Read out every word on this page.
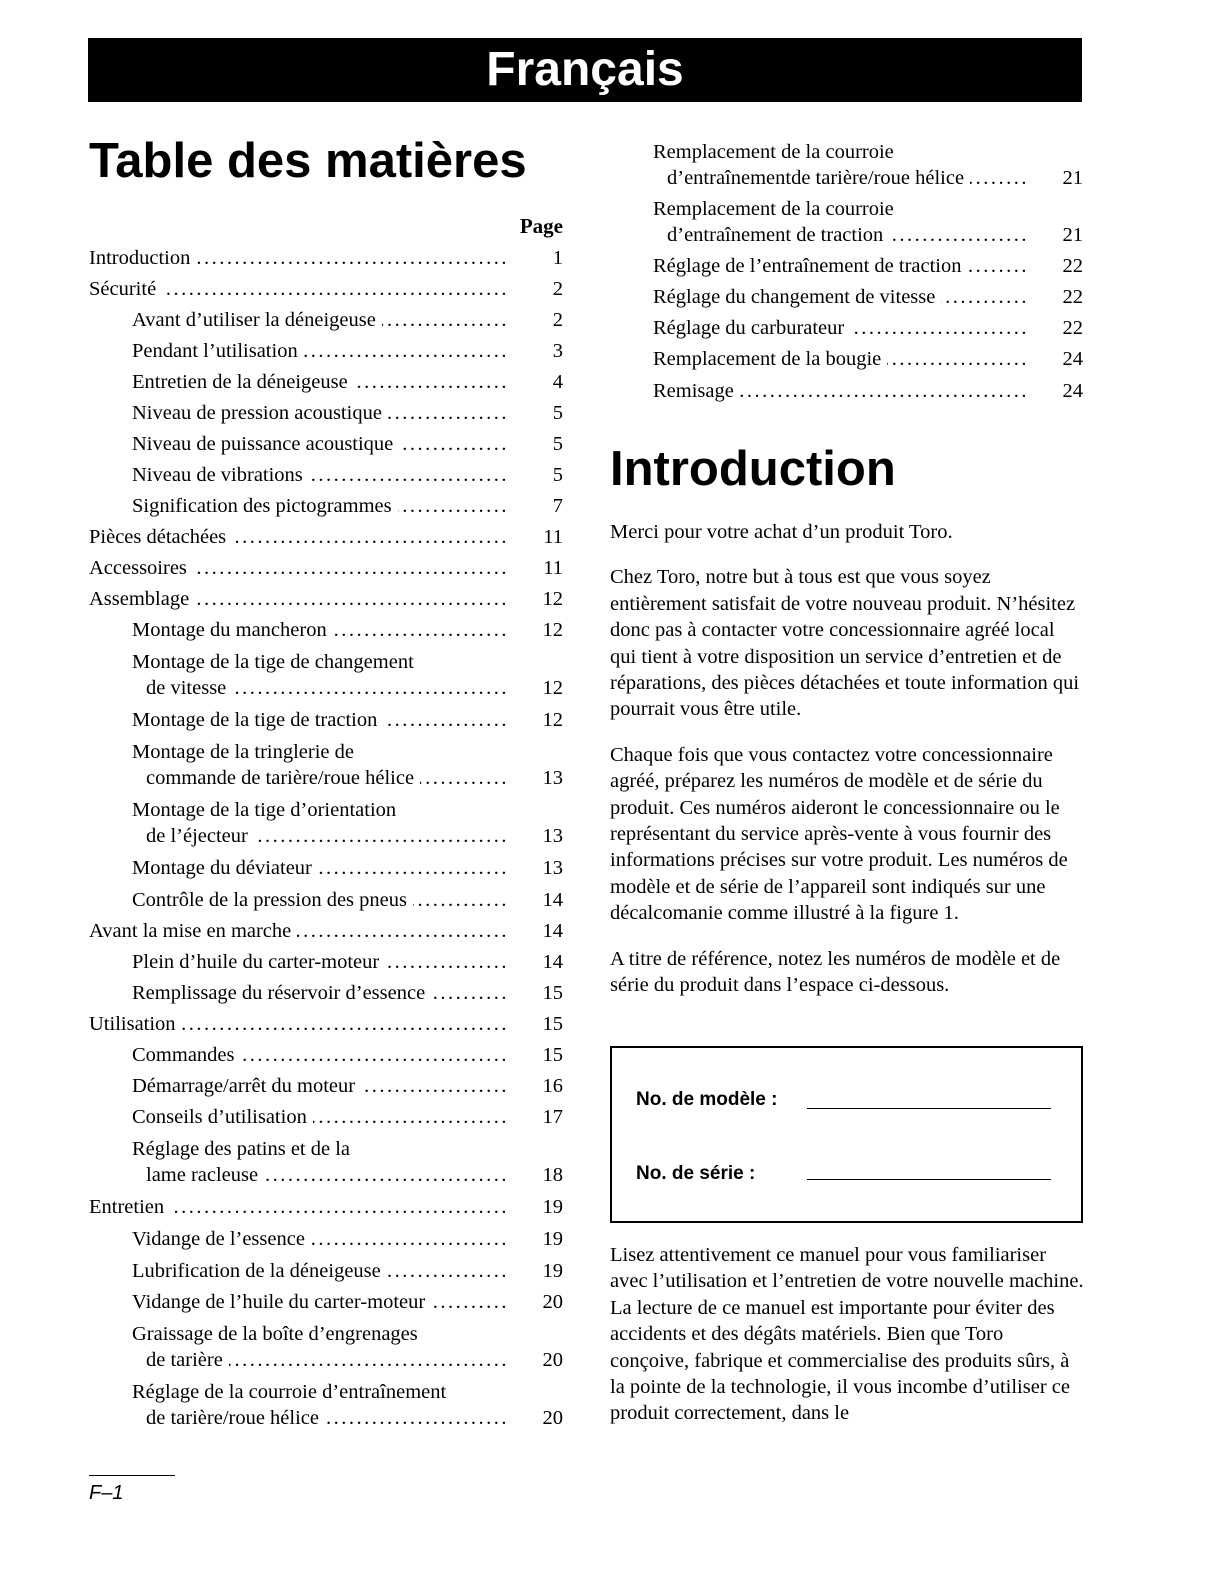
Français
Table des matières
Page
Introduction .....	1
Sécurité .....	2
Avant d’utiliser la déneigeuse .....	2
Pendant l’utilisation .....	3
Entretien de la déneigeuse .....	4
Niveau de pression acoustique .....	5
Niveau de puissance acoustique .....	5
Niveau de vibrations .....	5
Signification des pictogrammes .....	7
Pièces détachées .....	11
Accessoires .....	11
Assemblage .....	12
Montage du mancheron .....	12
Montage de la tige de changement
de vitesse .....	12
Montage de la tige de traction .....	12
Montage de la tringlerie de
commande de tarière/roue hélice .....	13
Montage de la tige d’orientation
de l’éjecteur .....	13
Montage du déviateur .....	13
Contrôle de la pression des pneus .....	14
Avant la mise en marche .....	14
Plein d’huile du carter-moteur .....	14
Remplissage du réservoir d’essence .....	15
Utilisation .....	15
Commandes .....	15
Démarrage/arrêt du moteur .....	16
Conseils d’utilisation .....	17
Réglage des patins et de la
lame racleuse .....	18
Entretien .....	19
Vidange de l’essence .....	19
Lubrification de la déneigeuse .....	19
Vidange de l’huile du carter-moteur .....	20
Graissage de la boîte d’engrenages
de tarière .....	20
Réglage de la courroie d’entraînement
de tarière/roue hélice .....	20
Remplacement de la courroie
d’entraînementde tarière/roue hélice .....	21
Remplacement de la courroie
d’entraînement de traction .....	21
Réglage de l’entraînement de traction .....	22
Réglage du changement de vitesse .....	22
Réglage du carburateur .....	22
Remplacement de la bougie .....	24
Remisage .....	24
Introduction

Merci pour votre achat d’un produit Toro.

Chez Toro, notre but à tous est que vous soyez entièrement satisfait de votre nouveau produit. N’hésitez donc pas à contacter votre concessionnaire agréé local qui tient à votre disposition un service d’entretien et de réparations, des pièces détachées et toute information qui pourrait vous être utile.

Chaque fois que vous contactez votre concessionnaire agréé, préparez les numéros de modèle et de série du produit. Ces numéros aideront le concessionnaire ou le représentant du service après-vente à vous fournir des informations précises sur votre produit. Les numéros de modèle et de série de l’appareil sont indiqués sur une décalcomanie comme illustré à la figure 1.

A titre de référence, notez les numéros de modèle et de série du produit dans l’espace ci-dessous.

No. de modèle :
No. de série :

Lisez attentivement ce manuel pour vous familiariser avec l’utilisation et l’entretien de votre nouvelle machine. La lecture de ce manuel est importante pour éviter des accidents et des dégâts matériels. Bien que Toro conçoive, fabrique et commercialise des produits sûrs, à la pointe de la technologie, il vous incombe d’utiliser ce produit correctement, dans le

F–1
